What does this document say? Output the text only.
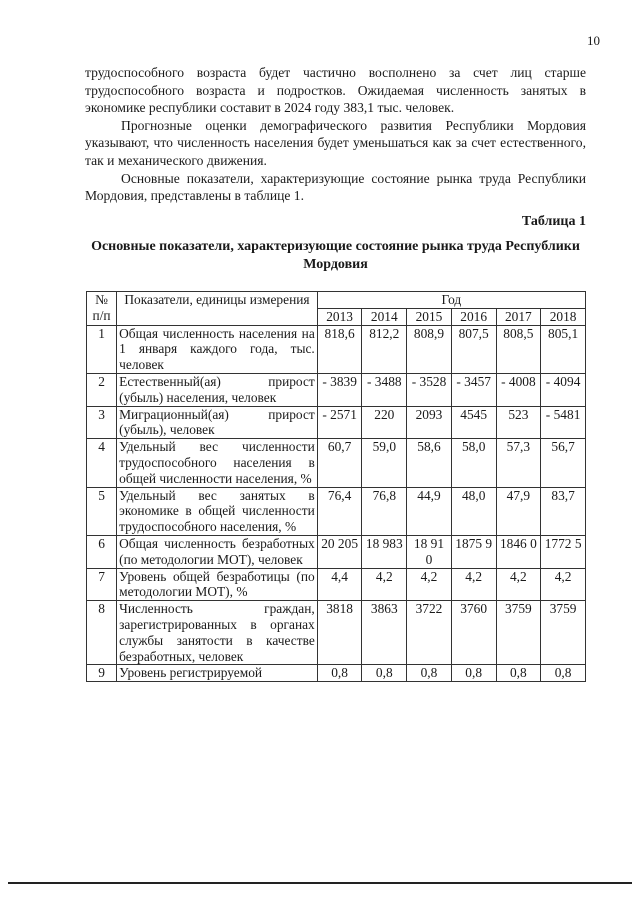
10

трудоспособного возраста будет частично восполнено за счет лиц старше трудоспособного возраста и подростков. Ожидаемая численность занятых в экономике республики составит в 2024 году 383,1 тыс. человек.

Прогнозные оценки демографического развития Республики Мордовия указывают, что численность населения будет уменьшаться как за счет естественного, так и механического движения.

Основные показатели, характеризующие состояние рынка труда Республики Мордовия, представлены в таблице 1.

Таблица 1
Основные показатели, характеризующие состояние рынка труда Республики Мордовия
№ п/п	Показатели, единицы измерения	Год					
		2013	2014	2015	2016	2017	2018
1	Общая численность населения на 1 января каждого года, тыс. человек	818,6	812,2	808,9	807,5	808,5	805,1
2	Естественный(ая) прирост (убыль) населения, человек	- 3839	- 3488	- 3528	- 3457	- 4008	- 4094
3	Миграционный(ая) прирост (убыль), человек	- 2571	220	2093	4545	523	- 5481
4	Удельный вес численности трудоспособного населения в общей численности населения, %	60,7	59,0	58,6	58,0	57,3	56,7
5	Удельный вес занятых в экономике в общей численности трудоспособного населения, %	76,4	76,8	44,9	48,0	47,9	83,7
6	Общая численность безработных (по методологии МОТ), человек	20 205	18 983	18 91 0	1875 9	1846 0	1772 5
7	Уровень общей безработицы (по методологии МОТ), %	4,4	4,2	4,2	4,2	4,2	4,2
8	Численность граждан, зарегистрированных в органах службы занятости в качестве безработных, человек	3818	3863	3722	3760	3759	3759
9	Уровень регистрируемой	0,8	0,8	0,8	0,8	0,8	0,8
